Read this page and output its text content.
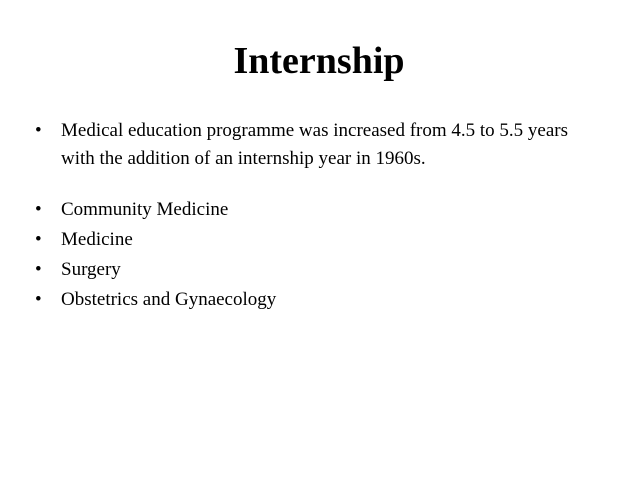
Internship
• Medical education programme was increased from 4.5 to 5.5 years with the addition of an internship year in 1960s.
• Community Medicine
• Medicine
• Surgery
• Obstetrics and Gynaecology
